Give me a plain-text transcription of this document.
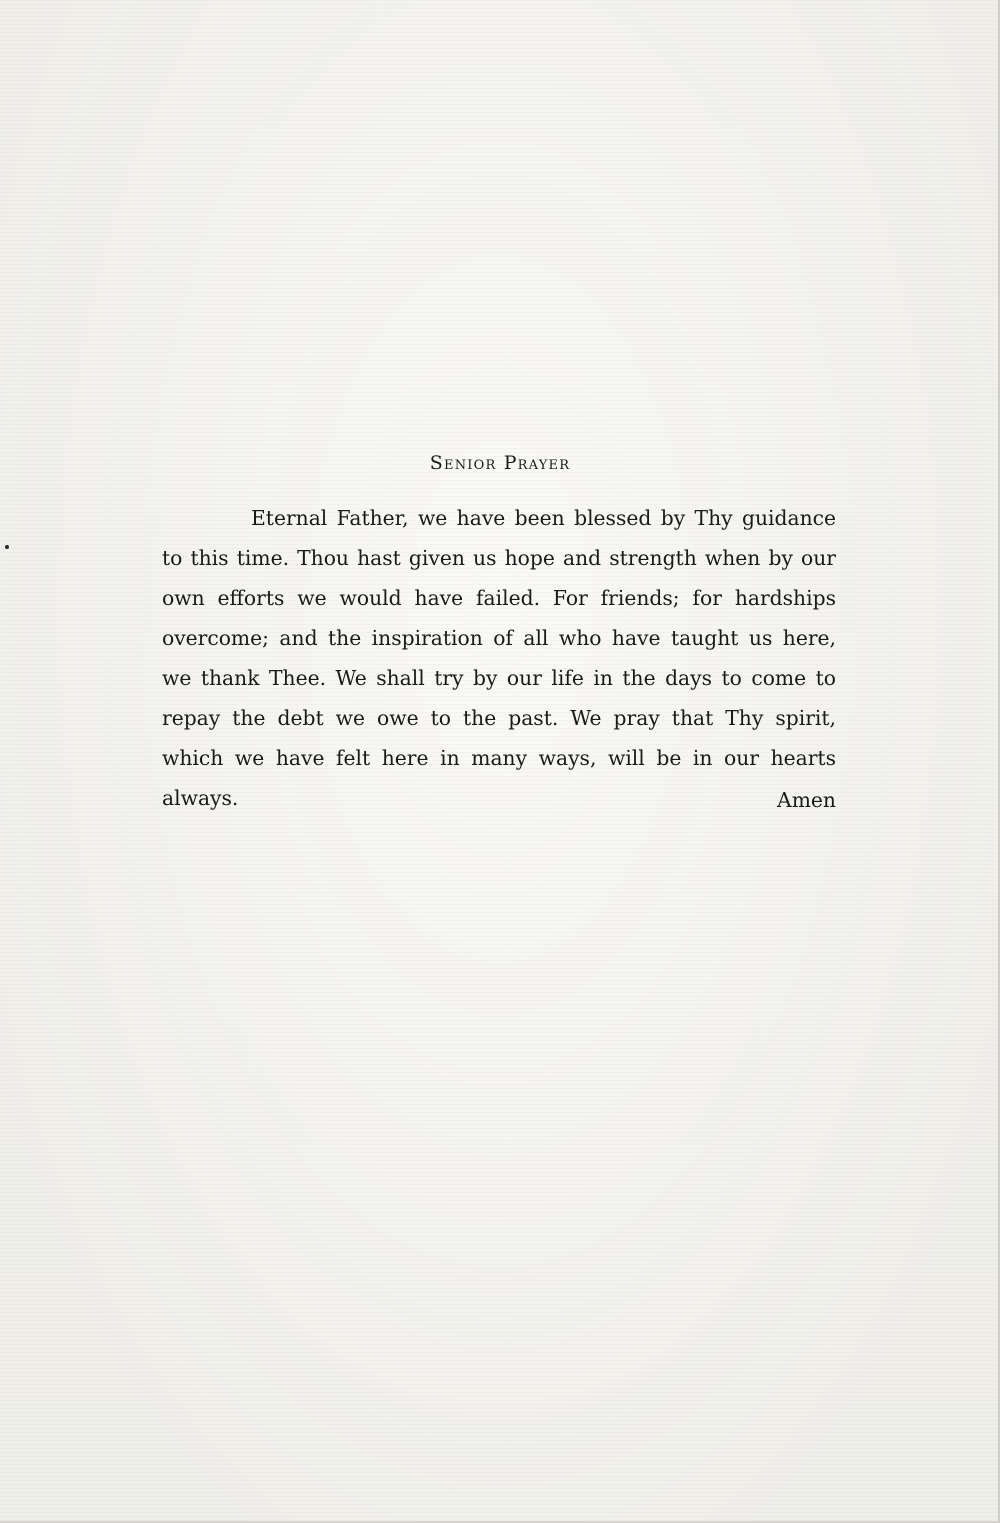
Senior Prayer

Eternal Father, we have been blessed by Thy guidance to this time. Thou hast given us hope and strength when by our own efforts we would have failed. For friends; for hardships overcome; and the inspiration of all who have taught us here, we thank Thee. We shall try by our life in the days to come to repay the debt we owe to the past. We pray that Thy spirit, which we have felt here in many ways, will be in our hearts always.	Amen
